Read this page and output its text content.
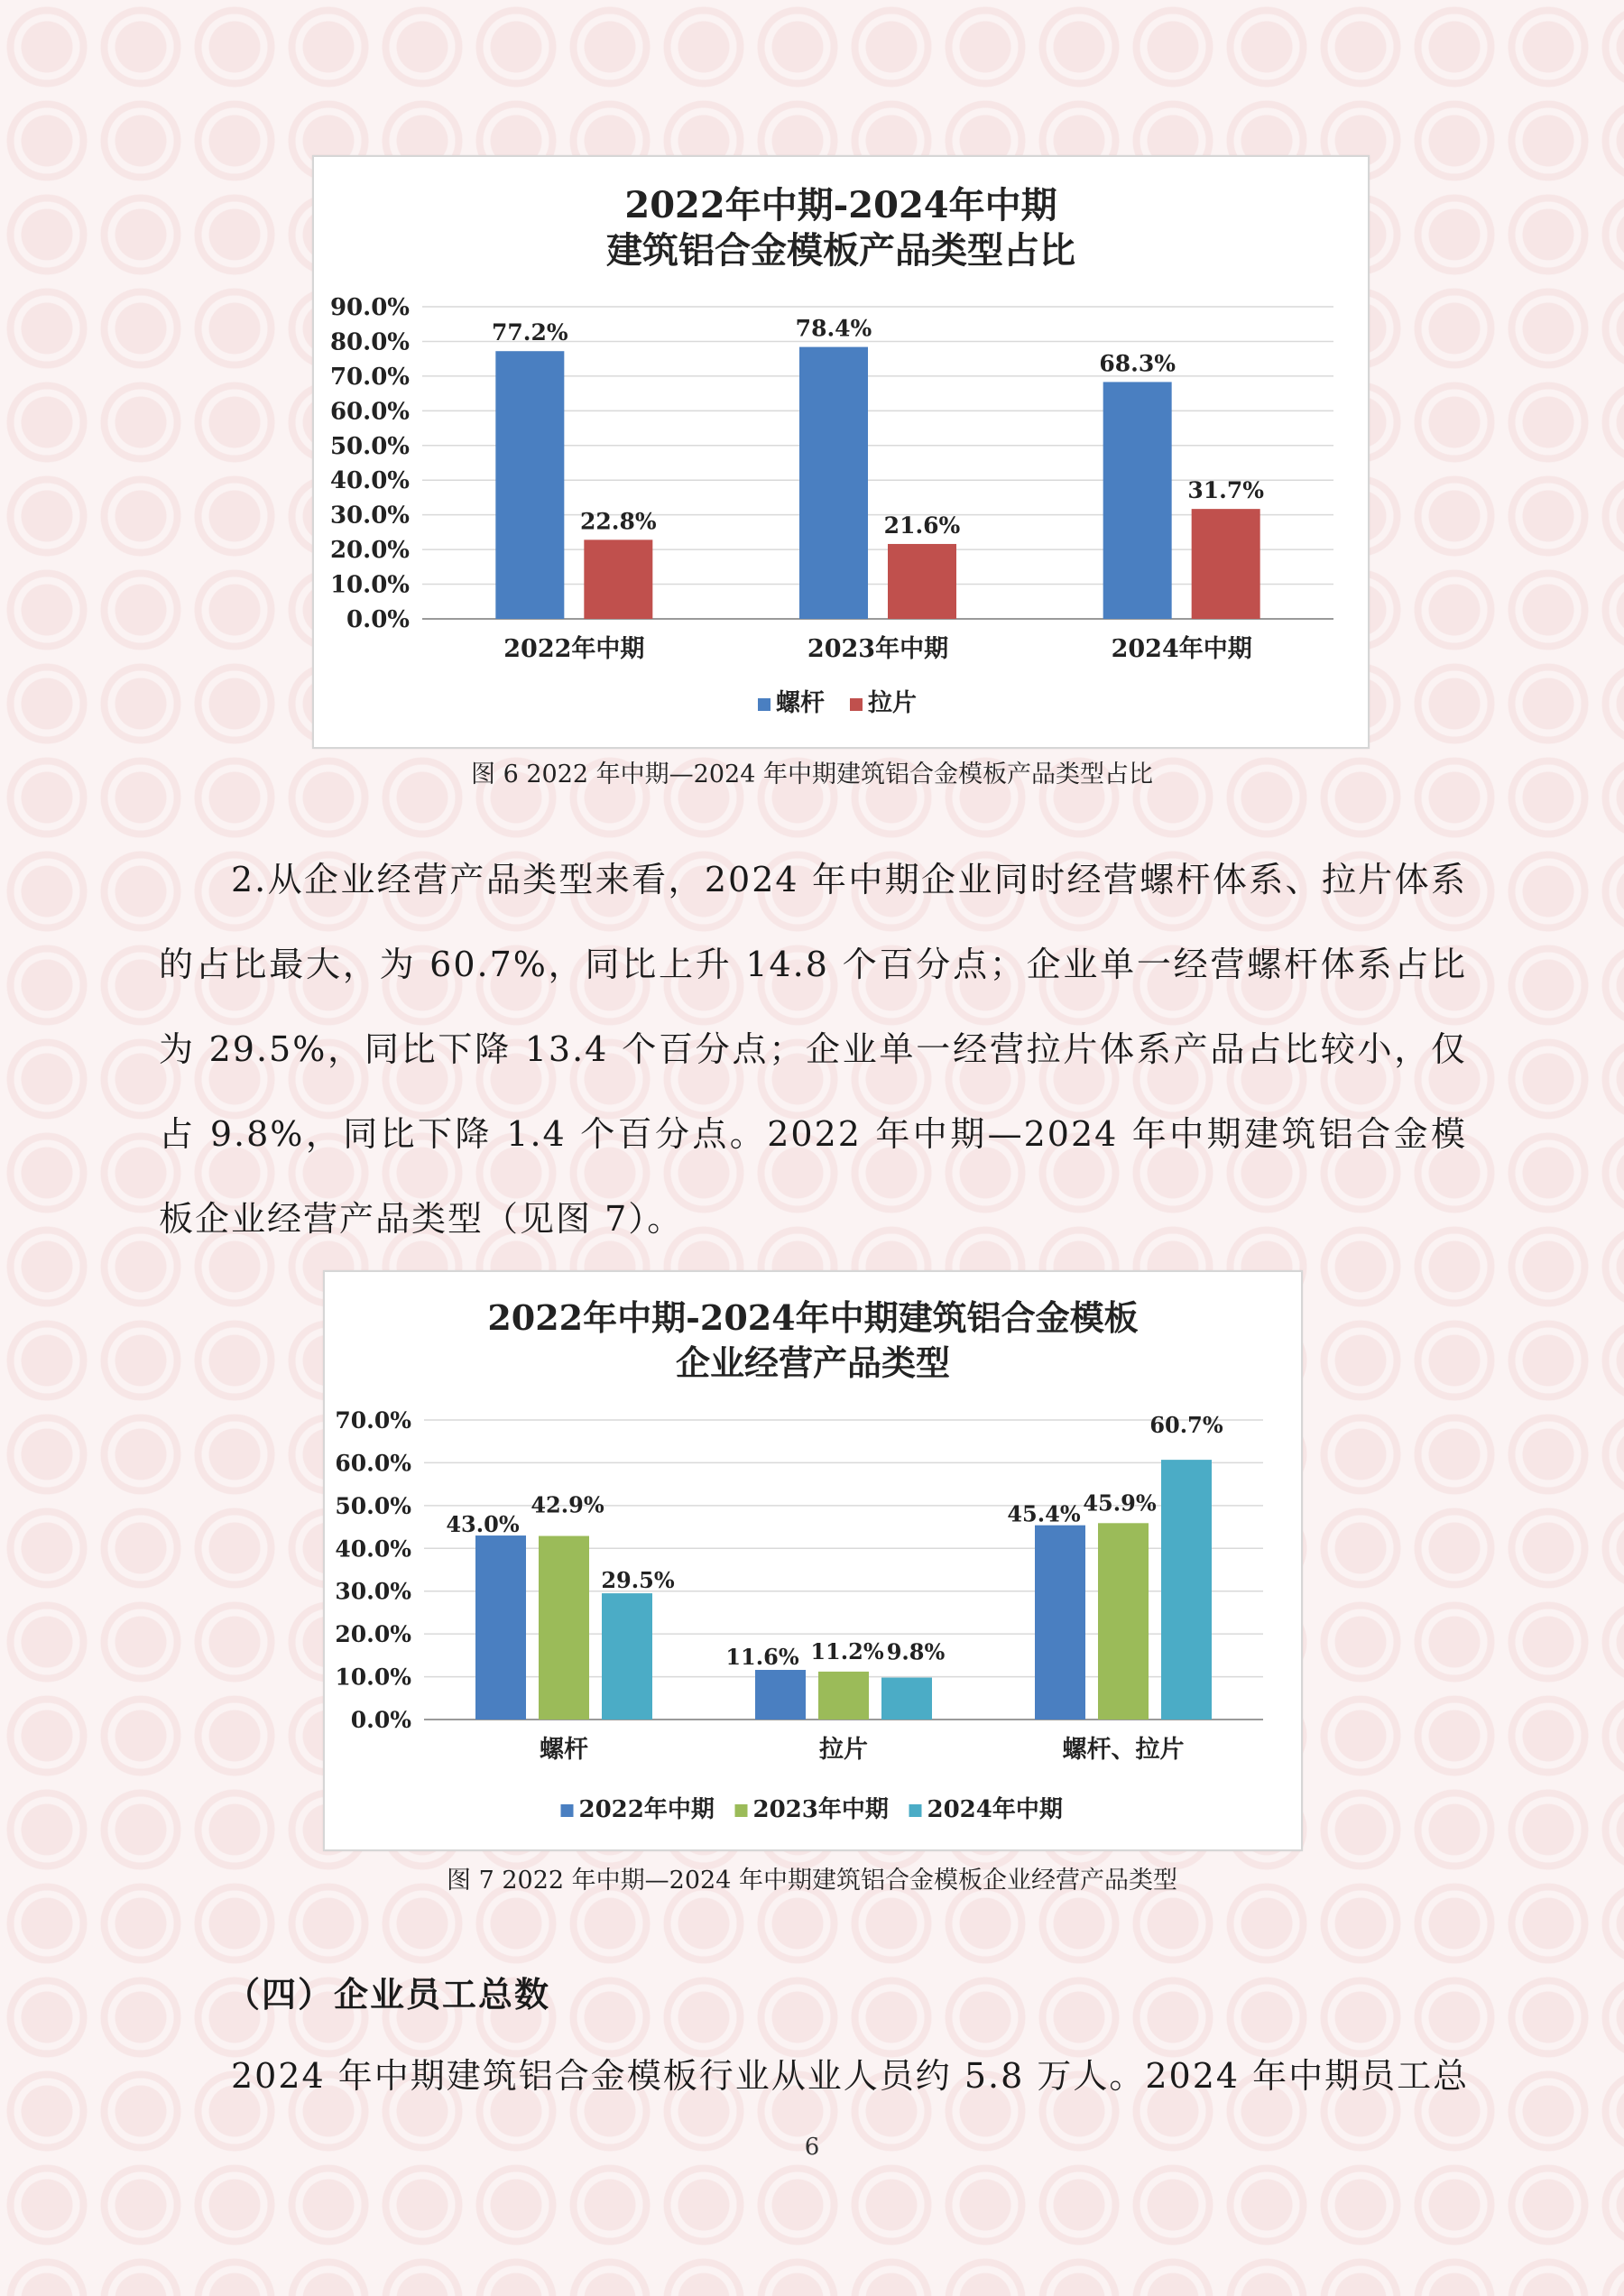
2022年中期-2024年中期
建筑铝合金模板产品类型占比
0.0%
10.0%
20.0%
30.0%
40.0%
50.0%
60.0%
70.0%
80.0%
90.0%
2022年中期
77.2%
22.8%
2023年中期
78.4%
21.6%
2024年中期
68.3%
31.7%
螺杆 拉片
图 6 2022 年中期—2024 年中期建筑铝合金模板产品类型占比

2.从企业经营产品类型来看，2024 年中期企业同时经营螺杆体系、拉片体系的占比最大，为 60.7%，同比上升 14.8 个百分点；企业单一经营螺杆体系占比为 29.5%，同比下降 13.4 个百分点；企业单一经营拉片体系产品占比较小，仅占 9.8%，同比下降 1.4 个百分点。2022 年中期—2024 年中期建筑铝合金模板企业经营产品类型（见图 7）。

2022年中期-2024年中期建筑铝合金模板
企业经营产品类型
0.0%
10.0%
20.0%
30.0%
40.0%
50.0%
60.0%
70.0%
螺杆
43.0%
42.9%
29.5%
拉片
11.6% 11.2% 9.8%
螺杆、拉片
45.4% 45.9%
60.7%
2022年中期 2023年中期 2024年中期
图 7 2022 年中期—2024 年中期建筑铝合金模板企业经营产品类型
（四）企业员工总数
2024 年中期建筑铝合金模板行业从业人员约 5.8 万人。2024 年中期员工总
6
